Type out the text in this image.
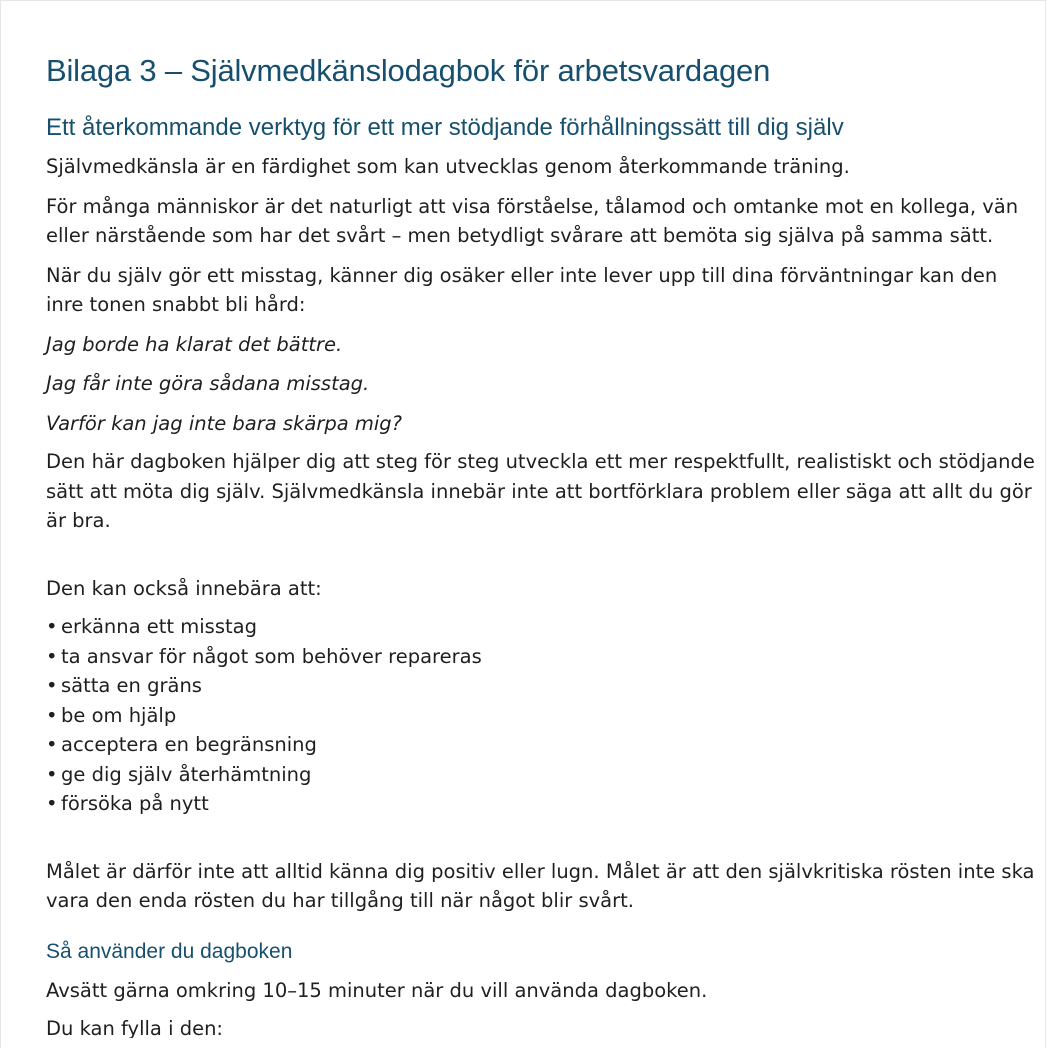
Bilaga 3 – Självmedkänslodagbok för arbetsvardagen
Ett återkommande verktyg för ett mer stödjande förhållningssätt till dig själv

Självmedkänsla är en färdighet som kan utvecklas genom återkommande träning.

För många människor är det naturligt att visa förståelse, tålamod och omtanke mot en kollega, vän eller närstående som har det svårt – men betydligt svårare att bemöta sig själva på samma sätt.

När du själv gör ett misstag, känner dig osäker eller inte lever upp till dina förväntningar kan den inre tonen snabbt bli hård:

Jag borde ha klarat det bättre.

Jag får inte göra sådana misstag.

Varför kan jag inte bara skärpa mig?

Den här dagboken hjälper dig att steg för steg utveckla ett mer respektfullt, realistiskt och stödjande sätt att möta dig själv. Självmedkänsla innebär inte att bortförklara problem eller säga att allt du gör är bra.

Den kan också innebära att:

• erkänna ett misstag
• ta ansvar för något som behöver repareras
• sätta en gräns
• be om hjälp
• acceptera en begränsning
• ge dig själv återhämtning
• försöka på nytt

Målet är därför inte att alltid känna dig positiv eller lugn. Målet är att den självkritiska rösten inte ska vara den enda rösten du har tillgång till när något blir svårt.

Så använder du dagboken

Avsätt gärna omkring 10–15 minuter när du vill använda dagboken.

Du kan fylla i den:
